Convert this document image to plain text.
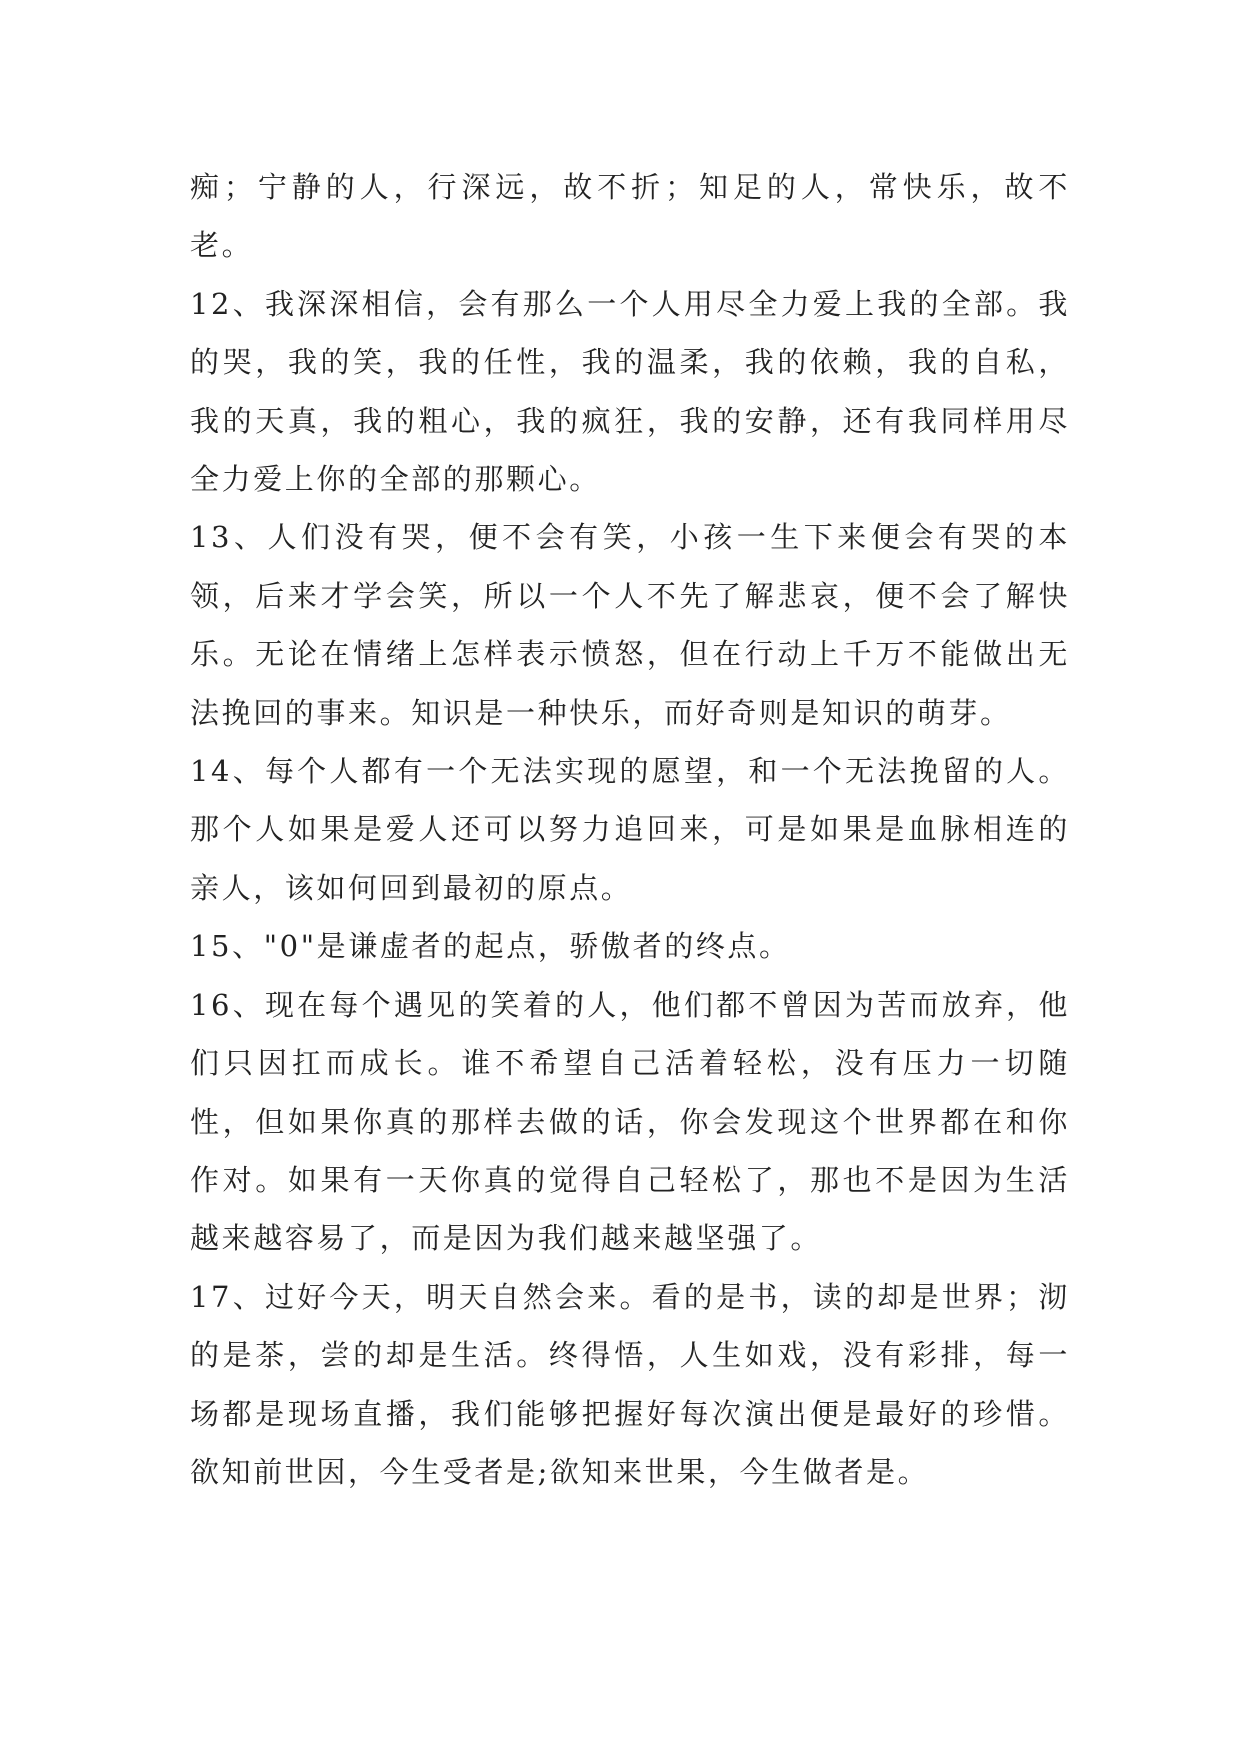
痴；宁静的人，行深远，故不折；知足的人，常快乐，故不老。

12、我深深相信，会有那么一个人用尽全力爱上我的全部。我的哭，我的笑，我的任性，我的温柔，我的依赖，我的自私，我的天真，我的粗心，我的疯狂，我的安静，还有我同样用尽全力爱上你的全部的那颗心。

13、人们没有哭，便不会有笑，小孩一生下来便会有哭的本领，后来才学会笑，所以一个人不先了解悲哀，便不会了解快乐。无论在情绪上怎样表示愤怒，但在行动上千万不能做出无法挽回的事来。知识是一种快乐，而好奇则是知识的萌芽。

14、每个人都有一个无法实现的愿望，和一个无法挽留的人。那个人如果是爱人还可以努力追回来，可是如果是血脉相连的亲人，该如何回到最初的原点。

15、"0"是谦虚者的起点，骄傲者的终点。

16、现在每个遇见的笑着的人，他们都不曾因为苦而放弃，他们只因扛而成长。谁不希望自己活着轻松，没有压力一切随性，但如果你真的那样去做的话，你会发现这个世界都在和你作对。如果有一天你真的觉得自己轻松了，那也不是因为生活越来越容易了，而是因为我们越来越坚强了。

17、过好今天，明天自然会来。看的是书，读的却是世界；沏的是茶，尝的却是生活。终得悟，人生如戏，没有彩排，每一场都是现场直播，我们能够把握好每次演出便是最好的珍惜。欲知前世因，今生受者是;欲知来世果，今生做者是。
